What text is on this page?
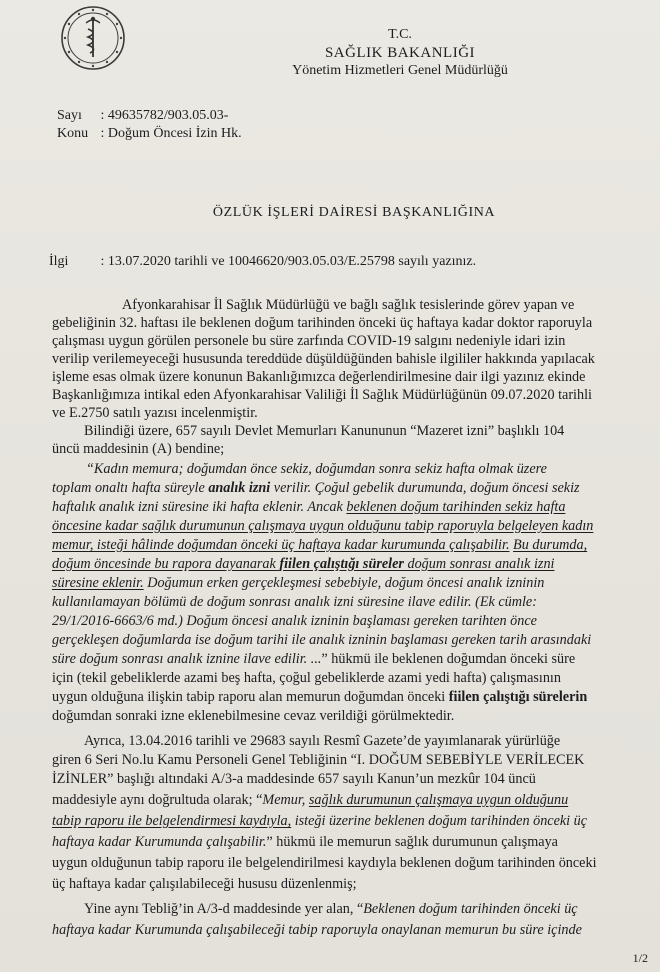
T.C.
SAĞLIK BAKANLIĞI
Yönetim Hizmetleri Genel Müdürlüğü
Sayı : 49635782/903.05.03-
Konu : Doğum Öncesi İzin Hk.
ÖZLÜK İŞLERİ DAİRESİ BAŞKANLIĞINA
İlgi : 13.07.2020 tarihli ve 10046620/903.05.03/E.25798 sayılı yazınız.
Afyonkarahisar İl Sağlık Müdürlüğü ve bağlı sağlık tesislerinde görev yapan ve
gebeliğinin 32. haftası ile beklenen doğum tarihinden önceki üç haftaya kadar doktor raporuyla
çalışması uygun görülen personele bu süre zarfında COVID-19 salgını nedeniyle idari izin
verilip verilemeyeceği hususunda tereddüde düşüldüğünden bahisle ilgililer hakkında yapılacak
işleme esas olmak üzere konunun Bakanlığımızca değerlendirilmesine dair ilgi yazınız ekinde
Başkanlığımıza intikal eden Afyonkarahisar Valiliği İl Sağlık Müdürlüğünün 09.07.2020 tarihli
ve E.2750 satılı yazısı incelenmiştir.
Bilindiği üzere, 657 sayılı Devlet Memurları Kanununun “Mazeret izni” başlıklı 104
üncü maddesinin (A) bendine;
“Kadın memura; doğumdan önce sekiz, doğumdan sonra sekiz hafta olmak üzere
toplam onaltı hafta süreyle analık izni verilir. Çoğul gebelik durumunda, doğum öncesi sekiz
haftalık analık izni süresine iki hafta eklenir. Ancak beklenen doğum tarihinden sekiz hafta
öncesine kadar sağlık durumunun çalışmaya uygun olduğunu tabip raporuyla belgeleyen kadın
memur, isteği hâlinde doğumdan önceki üç haftaya kadar kurumunda çalışabilir. Bu durumda,
doğum öncesinde bu rapora dayanarak fiilen çalıştığı süreler doğum sonrası analık izni
süresine eklenir. Doğumun erken gerçekleşmesi sebebiyle, doğum öncesi analık izninin
kullanılamayan bölümü de doğum sonrası analık izni süresine ilave edilir. (Ek cümle:
29/1/2016-6663/6 md.) Doğum öncesi analık izninin başlaması gereken tarihten önce
gerçekleşen doğumlarda ise doğum tarihi ile analık izninin başlaması gereken tarih arasındaki
süre doğum sonrası analık iznine ilave edilir. ...” hükmü ile beklenen doğumdan önceki süre
için (tekil gebeliklerde azami beş hafta, çoğul gebeliklerde azami yedi hafta) çalışmasının
uygun olduğuna ilişkin tabip raporu alan memurun doğumdan önceki fiilen çalıştığı sürelerin
doğumdan sonraki izne eklenebilmesine cevaz verildiği görülmektedir.
Ayrıca, 13.04.2016 tarihli ve 29683 sayılı Resmî Gazete’de yayımlanarak yürürlüğe
giren 6 Seri No.lu Kamu Personeli Genel Tebliğinin “I. DOĞUM SEBEBİYLE VERİLECEK
İZİNLER” başlığı altındaki A/3-a maddesinde 657 sayılı Kanun’un mezkûr 104 üncü
maddesiyle aynı doğrultuda olarak; “Memur, sağlık durumunun çalışmaya uygun olduğunu
tabip raporu ile belgelendirmesi kaydıyla, isteği üzerine beklenen doğum tarihinden önceki üç
haftaya kadar Kurumunda çalışabilir.” hükmü ile memurun sağlık durumunun çalışmaya
uygun olduğunun tabip raporu ile belgelendirilmesi kaydıyla beklenen doğum tarihinden önceki
üç haftaya kadar çalışılabileceği hususu düzenlenmiş;
Yine aynı Tebliğ’in A/3-d maddesinde yer alan, “Beklenen doğum tarihinden önceki üç
haftaya kadar Kurumunda çalışabileceği tabip raporuyla onaylanan memurun bu süre içinde
1/2
